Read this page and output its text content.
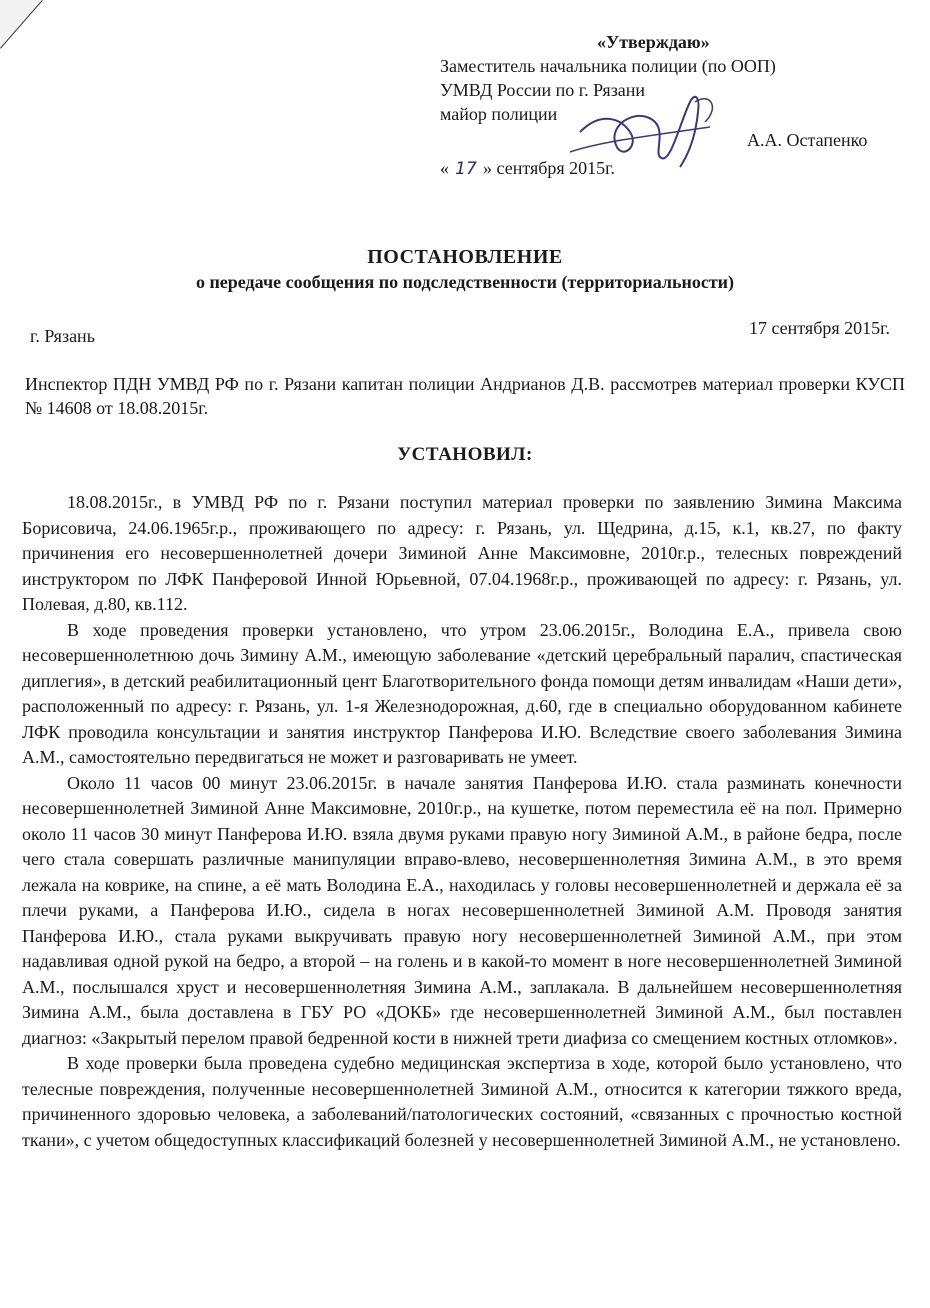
«Утверждаю»
Заместитель начальника полиции (по ООП)
УМВД России по г. Рязани
майор полиции
А.А. Остапенко
« 17 » сентября 2015г.
ПОСТАНОВЛЕНИЕ
о передаче сообщения по подследственности (территориальности)
г. Рязань	17 сентября 2015г.
Инспектор ПДН УМВД РФ по г. Рязани капитан полиции Андрианов Д.В. рассмотрев материал проверки КУСП № 14608 от 18.08.2015г.
УСТАНОВИЛ:

18.08.2015г., в УМВД РФ по г. Рязани поступил материал проверки по заявлению Зимина Максима Борисовича, 24.06.1965г.р., проживающего по адресу: г. Рязань, ул. Щедрина, д.15, к.1, кв.27, по факту причинения его несовершеннолетней дочери Зиминой Анне Максимовне, 2010г.р., телесных повреждений инструктором по ЛФК Панферовой Инной Юрьевной, 07.04.1968г.р., проживающей по адресу: г. Рязань, ул. Полевая, д.80, кв.112.

В ходе проведения проверки установлено, что утром 23.06.2015г., Володина Е.А., привела свою несовершеннолетнюю дочь Зимину А.М., имеющую заболевание «детский церебральный паралич, спастическая диплегия», в детский реабилитационный цент Благотворительного фонда помощи детям инвалидам «Наши дети», расположенный по адресу: г. Рязань, ул. 1-я Железнодорожная, д.60, где в специально оборудованном кабинете ЛФК проводила консультации и занятия инструктор Панферова И.Ю. Вследствие своего заболевания Зимина А.М., самостоятельно передвигаться не может и разговаривать не умеет.

Около 11 часов 00 минут 23.06.2015г. в начале занятия Панферова И.Ю. стала разминать конечности несовершеннолетней Зиминой Анне Максимовне, 2010г.р., на кушетке, потом переместила её на пол. Примерно около 11 часов 30 минут Панферова И.Ю. взяла двумя руками правую ногу Зиминой А.М., в районе бедра, после чего стала совершать различные манипуляции вправо-влево, несовершеннолетняя Зимина А.М., в это время лежала на коврике, на спине, а её мать Володина Е.А., находилась у головы несовершеннолетней и держала её за плечи руками, а Панферова И.Ю., сидела в ногах несовершеннолетней Зиминой А.М. Проводя занятия Панферова И.Ю., стала руками выкручивать правую ногу несовершеннолетней Зиминой А.М., при этом надавливая одной рукой на бедро, а второй – на голень и в какой-то момент в ноге несовершеннолетней Зиминой А.М., послышался хруст и несовершеннолетняя Зимина А.М., заплакала. В дальнейшем несовершеннолетняя Зимина А.М., была доставлена в ГБУ РО «ДОКБ» где несовершеннолетней Зиминой А.М., был поставлен диагноз: «Закрытый перелом правой бедренной кости в нижней трети диафиза со смещением костных отломков».

В ходе проверки была проведена судебно медицинская экспертиза в ходе, которой было установлено, что телесные повреждения, полученные несовершеннолетней Зиминой А.М., относится к категории тяжкого вреда, причиненного здоровью человека, а заболеваний/патологических состояний, «связанных с прочностью костной ткани», с учетом общедоступных классификаций болезней у несовершеннолетней Зиминой А.М., не установлено.
